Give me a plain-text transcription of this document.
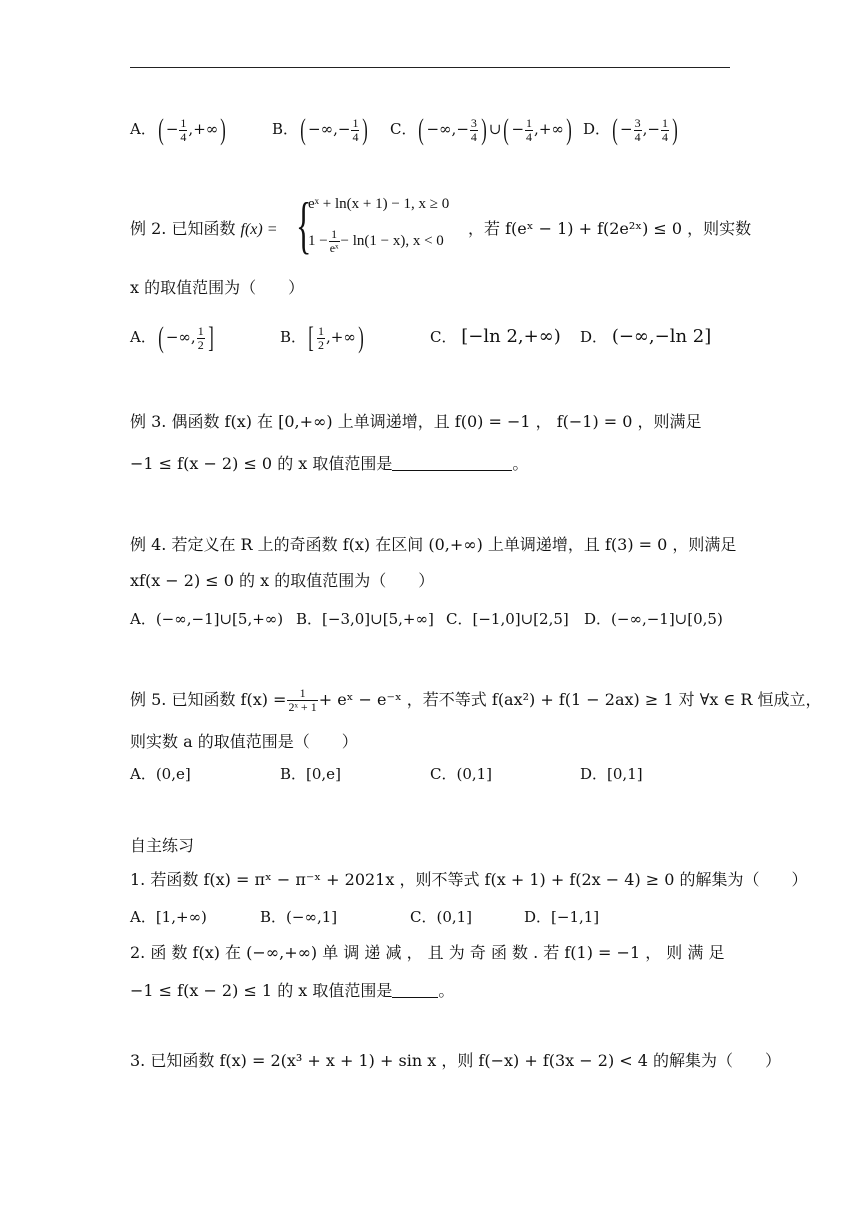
A．( − $\frac{1}{4}$ ,+∞)	B．( −∞,− $\frac{1}{4}$ ) C．( −∞,− $\frac{3}{4}$ ) ∪( − $\frac{1}{4}$ ,+∞) D．( − $\frac{3}{4}$ ,− $\frac{1}{4}$ )
例 2. 已知函数 f(x) = {
eˣ + ln(x + 1) − 1, x ≥ 0
$1 - \frac{1}{\text{eˣ}} - \ln(1 - x)$, x < 0
，若 f(eˣ − 1) + f(2e²ˣ) ≤ 0 ，则实数
x 的取值范围为（　　）
A．( −∞, $\frac{1}{2}$ ]	B．[ $\frac{1}{2}$ ,+∞)	C． [−ln 2,+∞) D． (−∞,−ln 2]
例 3. 偶函数 f(x) 在 [0,+∞) 上单调递增，且 f(0) = −1 ， f(−1) = 0 ，则满足
−1 ≤ f(x − 2) ≤ 0 的 x 取值范围是	。
例 4. 若定义在 R 上的奇函数 f(x) 在区间 (0,+∞) 上单调递增，且 f(3) = 0 ，则满足
xf(x − 2) ≤ 0 的 x 的取值范围为（　　）
A．(−∞,−1]∪[5,+∞) B．[−3,0]∪[5,+∞] C．[−1,0]∪[2,5] D．(−∞,−1]∪[0,5)
例 5. 已知函数 $f(x) = \frac{1}{\text{2ˣ + 1}}$ + eˣ − e⁻ˣ ，若不等式 f(ax²) + f(1 − 2ax) ≥ 1 对 ∀x ∈ R 恒成立，
则实数 a 的取值范围是（　　）
A．(0,e]	B．[0,e]	C．(0,1]	D．[0,1]
自主练习
1. 若函数 f(x) = πˣ − π⁻ˣ + 2021x ，则不等式 f(x + 1) + f(2x − 4) ≥ 0 的解集为（　　）
A．[1,+∞)	B．(−∞,1]	C．(0,1]	D．[−1,1]
2. 函 数 f(x) 在 (−∞,+∞) 单 调 递 减 ， 且 为 奇 函 数 . 若 f(1) = −1 ， 则 满 足
−1 ≤ f(x − 2) ≤ 1 的 x 取值范围是	。
3. 已知函数 f(x) = 2(x³ + x + 1) + sin x ，则 f(−x) + f(3x − 2) < 4 的解集为（　　）
